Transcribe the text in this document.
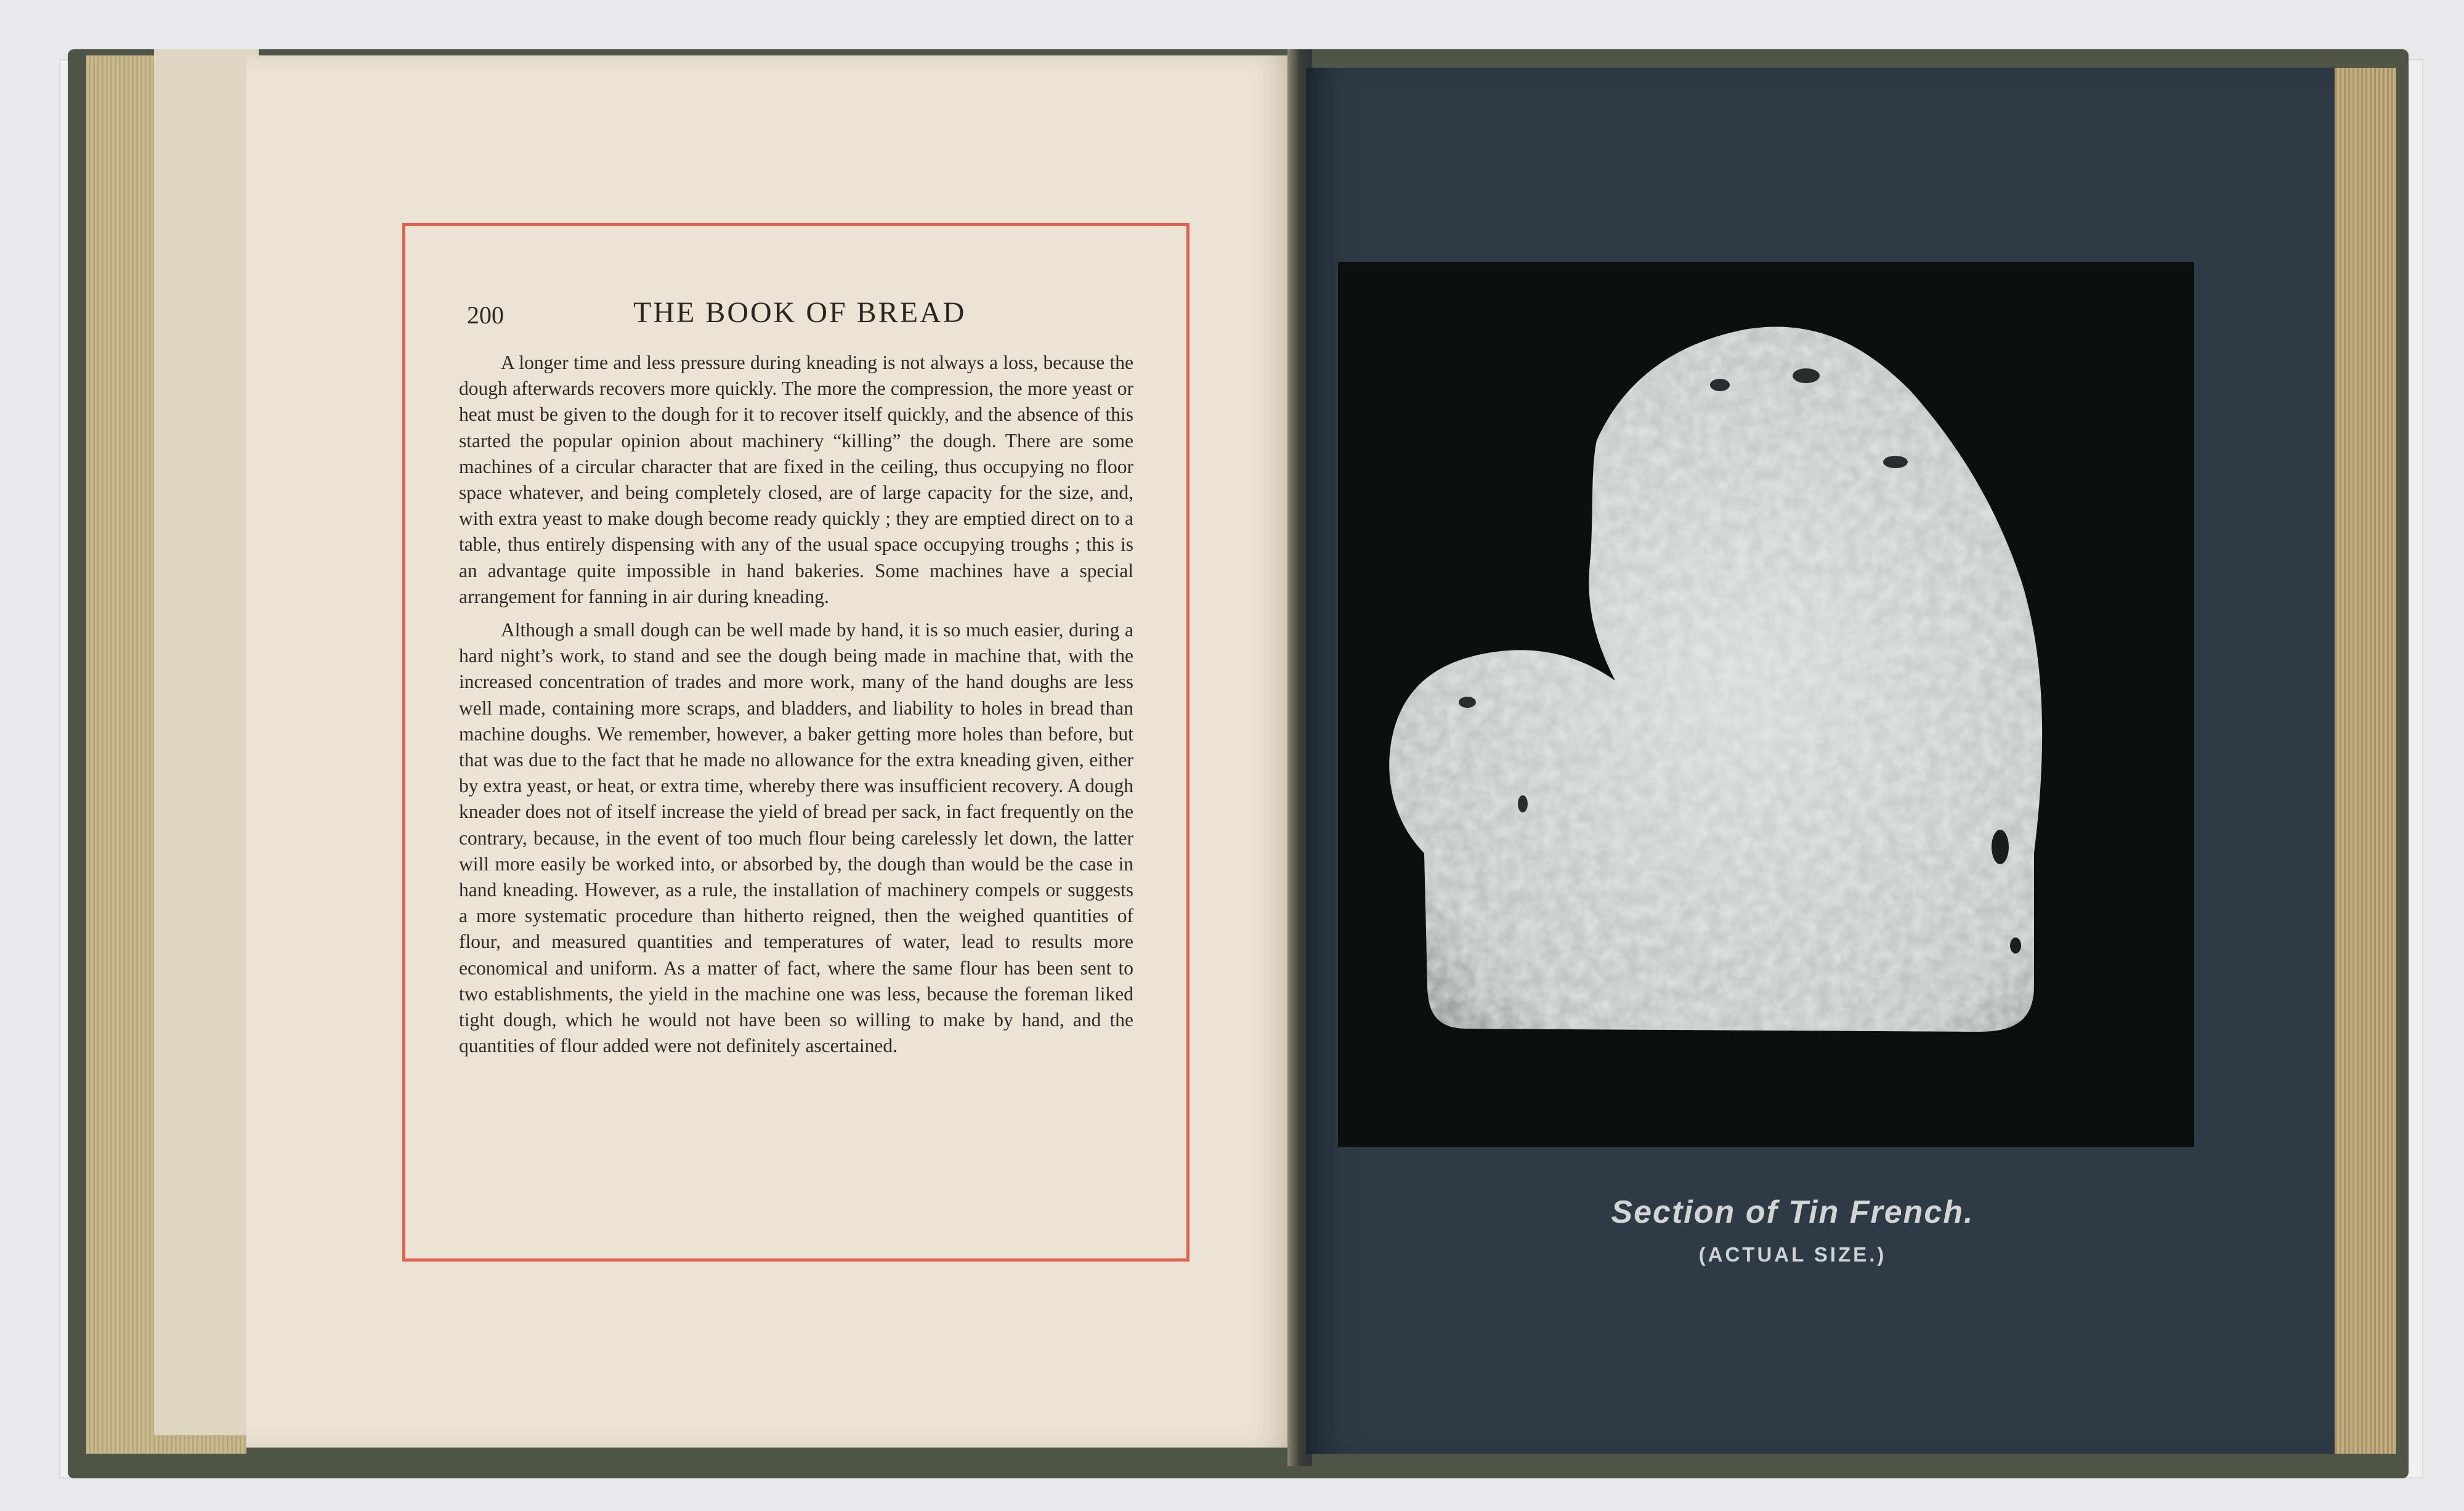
200	THE BOOK OF BREAD

A longer time and less pressure during kneading is not always a loss, because the dough afterwards recovers more quickly. The more the compression, the more yeast or heat must be given to the dough for it to recover itself quickly, and the absence of this started the popular opinion about machinery “killing” the dough. There are some machines of a circular character that are fixed in the ceiling, thus occupying no floor space whatever, and being completely closed, are of large capacity for the size, and, with extra yeast to make dough become ready quickly ; they are emptied direct on to a table, thus entirely dispensing with any of the usual space occupying troughs ; this is an advantage quite impossible in hand bakeries. Some machines have a special arrangement for fanning in air during kneading.

Although a small dough can be well made by hand, it is so much easier, during a hard night’s work, to stand and see the dough being made in machine that, with the increased concentration of trades and more work, many of the hand doughs are less well made, containing more scraps, and bladders, and liability to holes in bread than machine doughs. We remember, however, a baker getting more holes than before, but that was due to the fact that he made no allowance for the extra kneading given, either by extra yeast, or heat, or extra time, whereby there was insufficient recovery. A dough kneader does not of itself increase the yield of bread per sack, in fact frequently on the contrary, because, in the event of too much flour being carelessly let down, the latter will more easily be worked into, or absorbed by, the dough than would be the case in hand kneading. However, as a rule, the installation of machinery compels or suggests a more systematic procedure than hitherto reigned, then the weighed quantities of flour, and measured quantities and temperatures of water, lead to results more economical and uniform. As a matter of fact, where the same flour has been sent to two establishments, the yield in the machine one was less, because the foreman liked tight dough, which he would not have been so willing to make by hand, and the quantities of flour added were not definitely ascertained.

Section of Tin French.
(ACTUAL SIZE.)
